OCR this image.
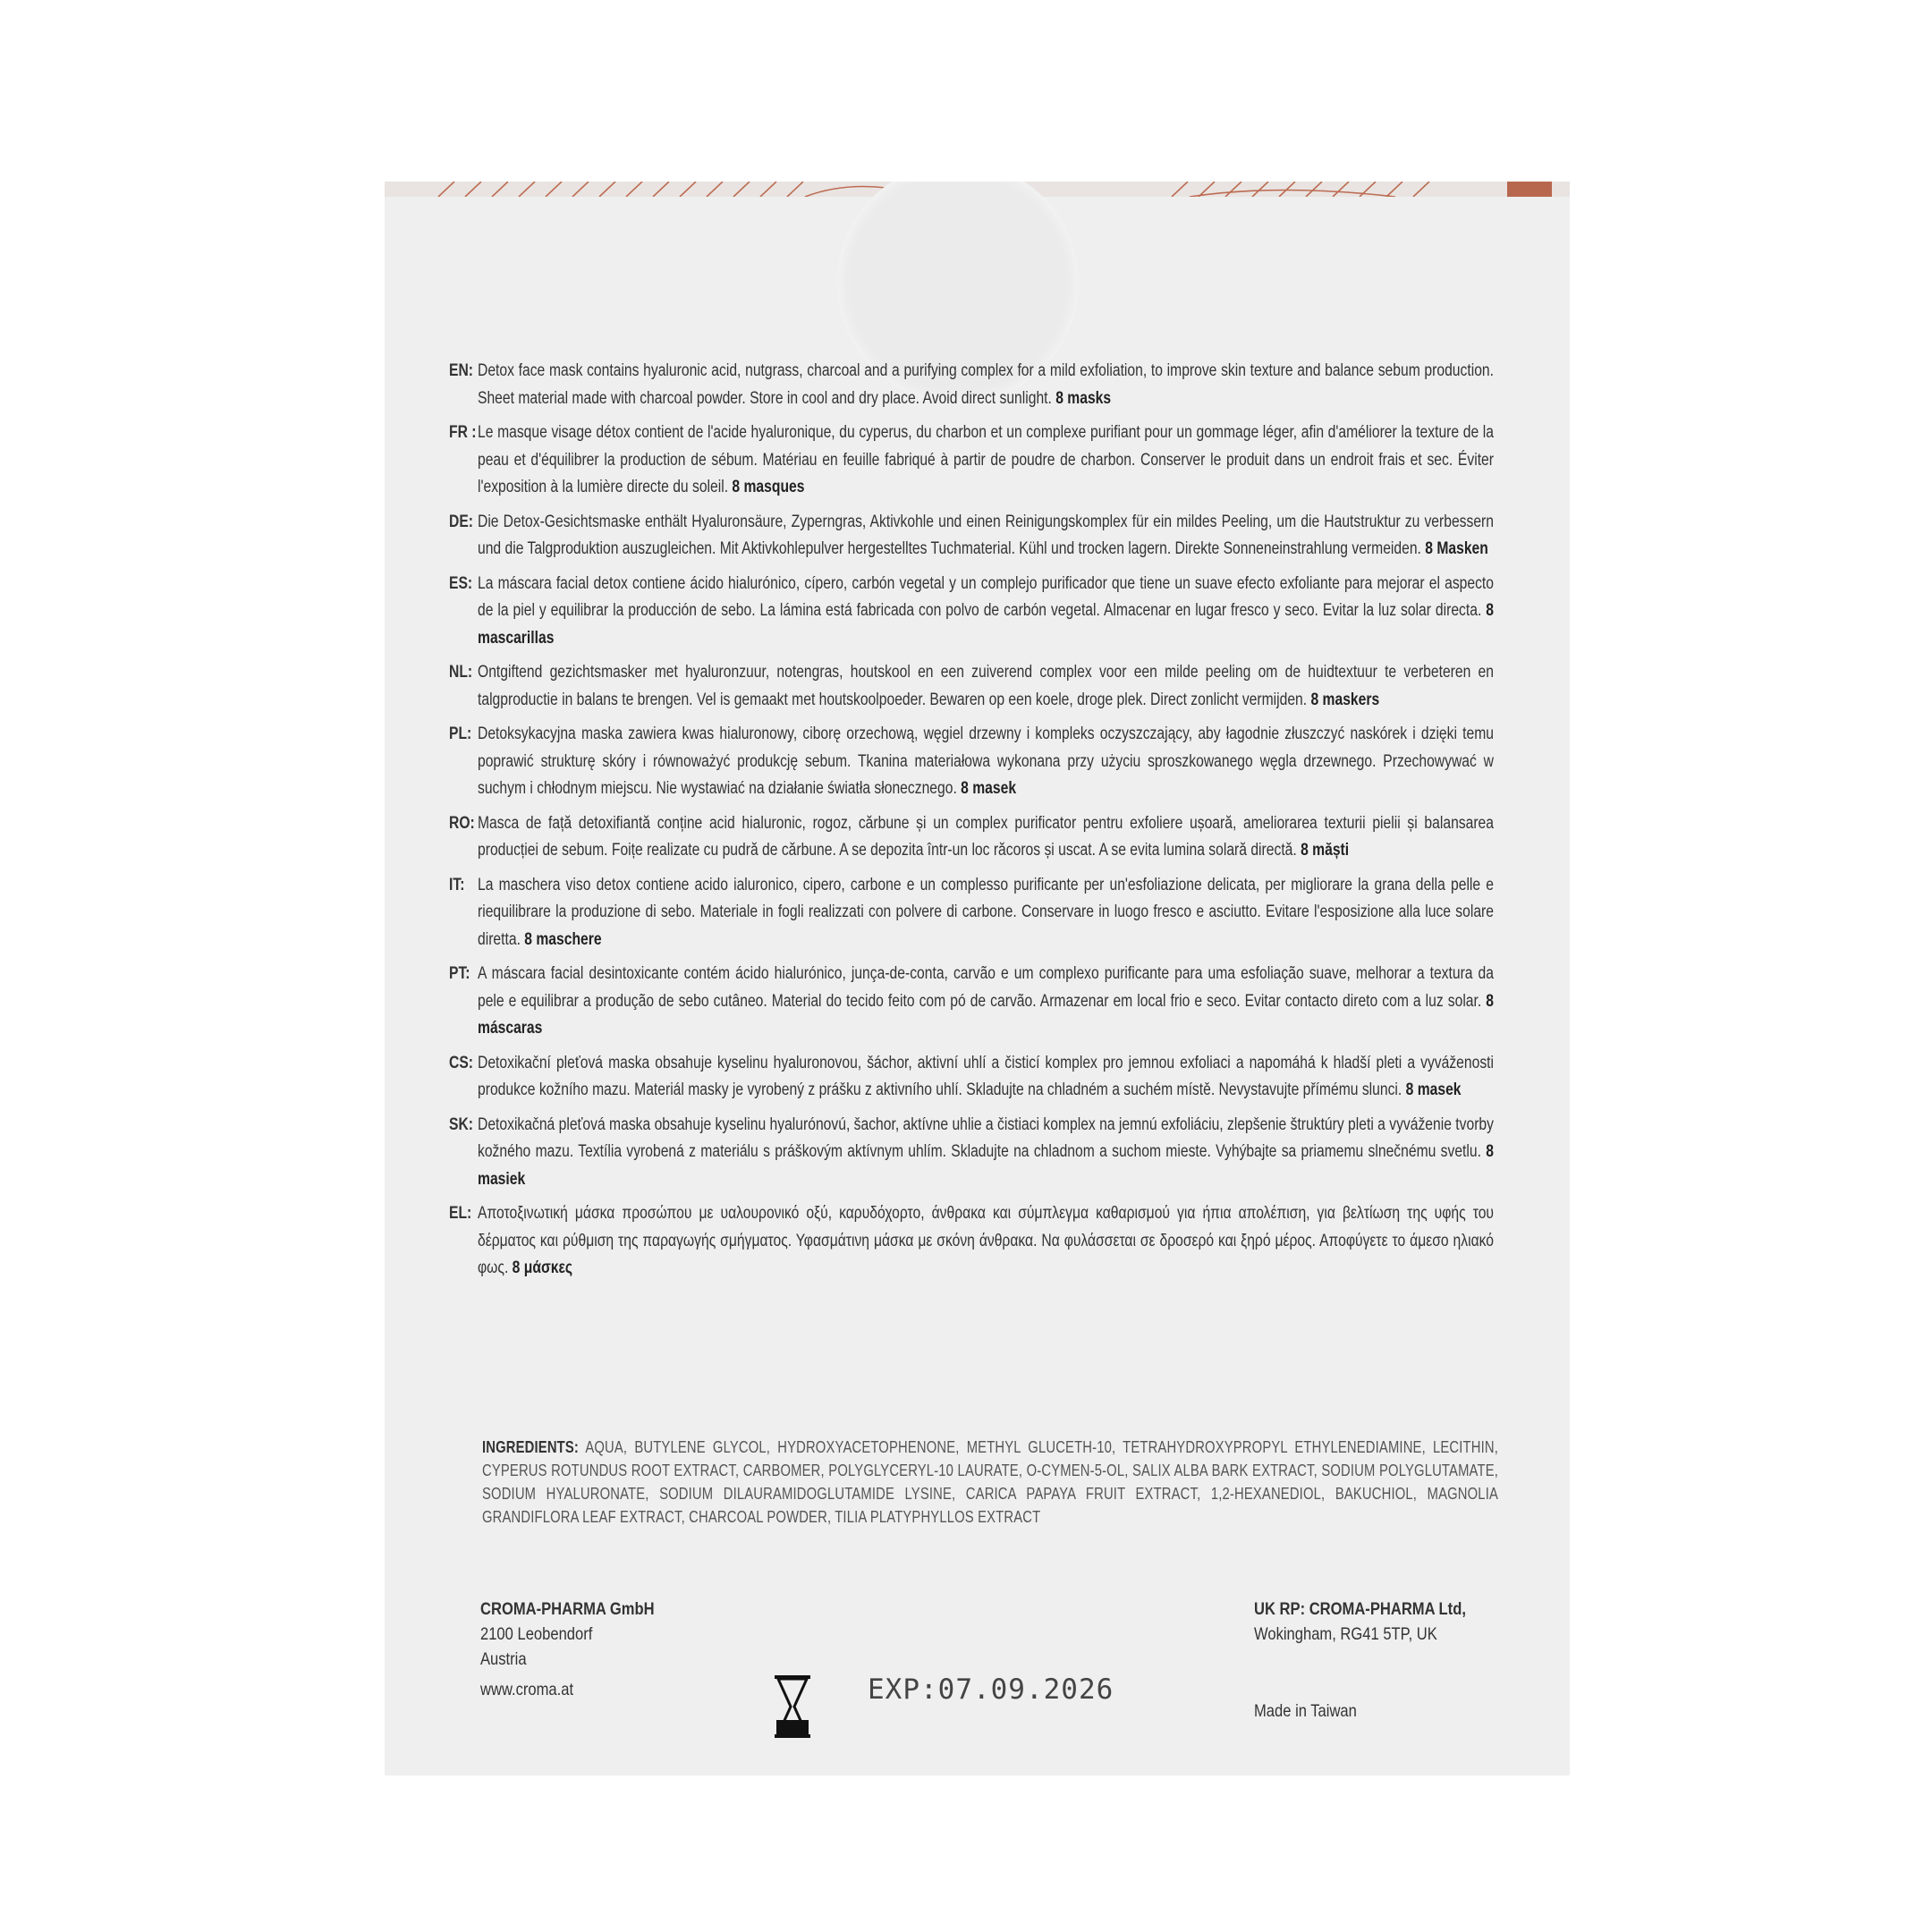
EN: Detox face mask contains hyaluronic acid, nutgrass, charcoal and a purifying complex for a mild exfoliation, to improve skin texture and balance sebum production. Sheet material made with charcoal powder. Store in cool and dry place. Avoid direct sunlight. 8 masks
FR : Le masque visage détox contient de l'acide hyaluronique, du cyperus, du charbon et un complexe purifiant pour un gommage léger, afin d'améliorer la texture de la peau et d'équilibrer la production de sébum. Matériau en feuille fabriqué à partir de poudre de charbon. Conserver le produit dans un endroit frais et sec. Éviter l'exposition à la lumière directe du soleil. 8 masques
DE: Die Detox-Gesichtsmaske enthält Hyaluronsäure, Zyperngras, Aktivkohle und einen Reinigungskomplex für ein mildes Peeling, um die Hautstruktur zu verbessern und die Talgproduktion auszugleichen. Mit Aktivkohlepulver hergestelltes Tuchmaterial. Kühl und trocken lagern. Direkte Sonneneinstrahlung vermeiden. 8 Masken
ES: La máscara facial detox contiene ácido hialurónico, cípero, carbón vegetal y un complejo purificador que tiene un suave efecto exfoliante para mejorar el aspecto de la piel y equilibrar la producción de sebo. La lámina está fabricada con polvo de carbón vegetal. Almacenar en lugar fresco y seco. Evitar la luz solar directa. 8 mascarillas
NL: Ontgiftend gezichtsmasker met hyaluronzuur, notengras, houtskool en een zuiverend complex voor een milde peeling om de huidtextuur te verbeteren en talgproductie in balans te brengen. Vel is gemaakt met houtskoolpoeder. Bewaren op een koele, droge plek. Direct zonlicht vermijden. 8 maskers
PL: Detoksykacyjna maska zawiera kwas hialuronowy, ciborę orzechową, węgiel drzewny i kompleks oczyszczający, aby łagodnie złuszczyć naskórek i dzięki temu poprawić strukturę skóry i równoważyć produkcję sebum. Tkanina materiałowa wykonana przy użyciu sproszkowanego węgla drzewnego. Przechowywać w suchym i chłodnym miejscu. Nie wystawiać na działanie światła słonecznego. 8 masek
RO: Masca de față detoxifiantă conține acid hialuronic, rogoz, cărbune și un complex purificator pentru exfoliere ușoară, ameliorarea texturii pielii și balansarea producției de sebum. Foițe realizate cu pudră de cărbune. A se depozita într-un loc răcoros și uscat. A se evita lumina solară directă. 8 măști
IT: La maschera viso detox contiene acido ialuronico, cipero, carbone e un complesso purificante per un'esfoliazione delicata, per migliorare la grana della pelle e riequilibrare la produzione di sebo. Materiale in fogli realizzati con polvere di carbone. Conservare in luogo fresco e asciutto. Evitare l'esposizione alla luce solare diretta. 8 maschere
PT: A máscara facial desintoxicante contém ácido hialurónico, junça-de-conta, carvão e um complexo purificante para uma esfoliação suave, melhorar a textura da pele e equilibrar a produção de sebo cutâneo. Material do tecido feito com pó de carvão. Armazenar em local frio e seco. Evitar contacto direto com a luz solar. 8 máscaras
CS: Detoxikační pleťová maska obsahuje kyselinu hyaluronovou, šáchor, aktivní uhlí a čisticí komplex pro jemnou exfoliaci a napomáhá k hladší pleti a vyváženosti produkce kožního mazu. Materiál masky je vyrobený z prášku z aktivního uhlí. Skladujte na chladném a suchém místě. Nevystavujte přímému slunci. 8 masek
SK: Detoxikačná pleťová maska obsahuje kyselinu hyalurónovú, šachor, aktívne uhlie a čistiaci komplex na jemnú exfoliáciu, zlepšenie štruktúry pleti a vyváženie tvorby kožného mazu. Textília vyrobená z materiálu s práškovým aktívnym uhlím. Skladujte na chladnom a suchom mieste. Vyhýbajte sa priamemu slnečnému svetlu. 8 masiek
EL: Αποτοξινωτική μάσκα προσώπου με υαλουρονικό οξύ, καρυδόχορτο, άνθρακα και σύμπλεγμα καθαρισμού για ήπια απολέπιση, για βελτίωση της υφής του δέρματος και ρύθμιση της παραγωγής σμήγματος. Υφασμάτινη μάσκα με σκόνη άνθρακα. Να φυλάσσεται σε δροσερό και ξηρό μέρος. Αποφύγετε το άμεσο ηλιακό φως. 8 μάσκες
INGREDIENTS: AQUA, BUTYLENE GLYCOL, HYDROXYACETOPHENONE, METHYL GLUCETH-10, TETRAHYDROXYPROPYL ETHYLENEDIAMINE, LECITHIN, CYPERUS ROTUNDUS ROOT EXTRACT, CARBOMER, POLYGLYCERYL-10 LAURATE, O-CYMEN-5-OL, SALIX ALBA BARK EXTRACT, SODIUM POLYGLUTAMATE, SODIUM HYALURONATE, SODIUM DILAURAMIDOGLUTAMIDE LYSINE, CARICA PAPAYA FRUIT EXTRACT, 1,2-HEXANEDIOL, BAKUCHIOL, MAGNOLIA GRANDIFLORA LEAF EXTRACT, CHARCOAL POWDER, TILIA PLATYPHYLLOS EXTRACT
CROMA-PHARMA GmbH
2100 Leobendorf
Austria
www.croma.at	EXP:07.09.2026
UK RP: CROMA-PHARMA Ltd,
Wokingham, RG41 5TP, UK
Made in Taiwan
